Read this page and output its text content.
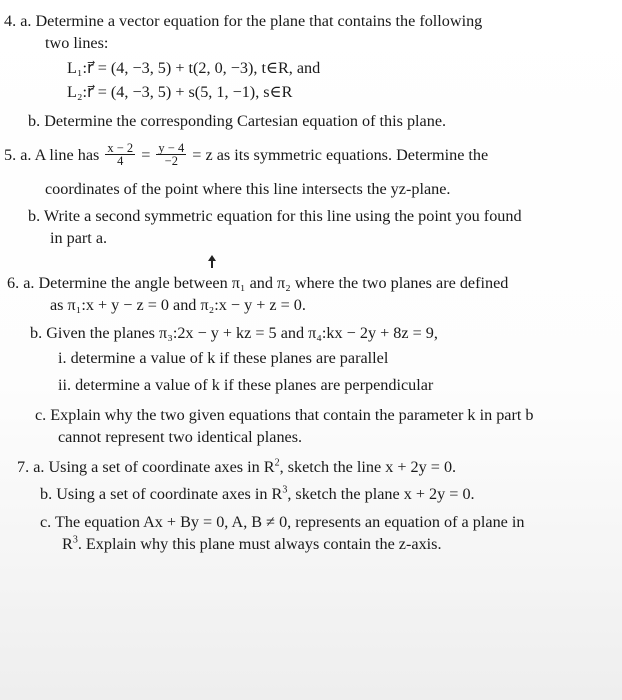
4. a. Determine a vector equation for the plane that contains the following
two lines:
L₁:r⃗ = (4, −3, 5) + t(2, 0, −3), t∈R, and
L₂:r⃗ = (4, −3, 5) + s(5, 1, −1), s∈R
b. Determine the corresponding Cartesian equation of this plane.
5. a. A line has $\frac{x - 2}{4} = \frac{y - 4}{-2} = z$ as its symmetric equations. Determine the
coordinates of the point where this line intersects the yz-plane.
b. Write a second symmetric equation for this line using the point you found
in part a.
6. a. Determine the angle between π₁ and π₂ where the two planes are defined
as π₁:x + y − z = 0 and π₂:x − y + z = 0.
b. Given the planes π₃:2x − y + kz = 5 and π₄:kx − 2y + 8z = 9,
i. determine a value of k if these planes are parallel
ii. determine a value of k if these planes are perpendicular
c. Explain why the two given equations that contain the parameter k in part b
cannot represent two identical planes.
7. a. Using a set of coordinate axes in $R^2$, sketch the line x + 2y = 0.
b. Using a set of coordinate axes in $R^3$, sketch the plane x + 2y = 0.
c. The equation Ax + By = 0, A, B ≠ 0, represents an equation of a plane in
$R^3$. Explain why this plane must always contain the z-axis.
